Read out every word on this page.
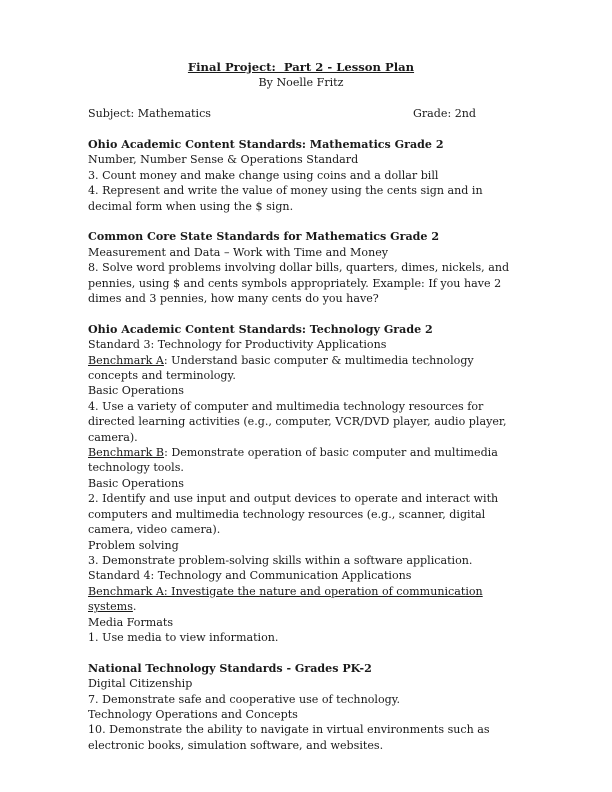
Final Project:  Part 2 - Lesson Plan

By Noelle Fritz

Subject: Mathematics	Grade: 2nd

Ohio Academic Content Standards: Mathematics Grade 2

Number, Number Sense & Operations Standard

3. Count money and make change using coins and a dollar bill

4. Represent and write the value of money using the cents sign and in decimal form when using the $ sign.

Common Core State Standards for Mathematics Grade 2

Measurement and Data – Work with Time and Money

8. Solve word problems involving dollar bills, quarters, dimes, nickels, and pennies, using $ and cents symbols appropriately. Example: If you have 2 dimes and 3 pennies, how many cents do you have?

Ohio Academic Content Standards: Technology Grade 2

Standard 3: Technology for Productivity Applications

Benchmark A: Understand basic computer & multimedia technology concepts and terminology.

Basic Operations

4. Use a variety of computer and multimedia technology resources for directed learning activities (e.g., computer, VCR/DVD player, audio player, camera).

Benchmark B: Demonstrate operation of basic computer and multimedia technology tools.

Basic Operations

2. Identify and use input and output devices to operate and interact with computers and multimedia technology resources (e.g., scanner, digital camera, video camera).

Problem solving

3. Demonstrate problem-solving skills within a software application.

Standard 4: Technology and Communication Applications

Benchmark A: Investigate the nature and operation of communication systems.

Media Formats

1. Use media to view information.

National Technology Standards - Grades PK-2

Digital Citizenship

7. Demonstrate safe and cooperative use of technology.

Technology Operations and Concepts

10. Demonstrate the ability to navigate in virtual environments such as electronic books, simulation software, and websites.
